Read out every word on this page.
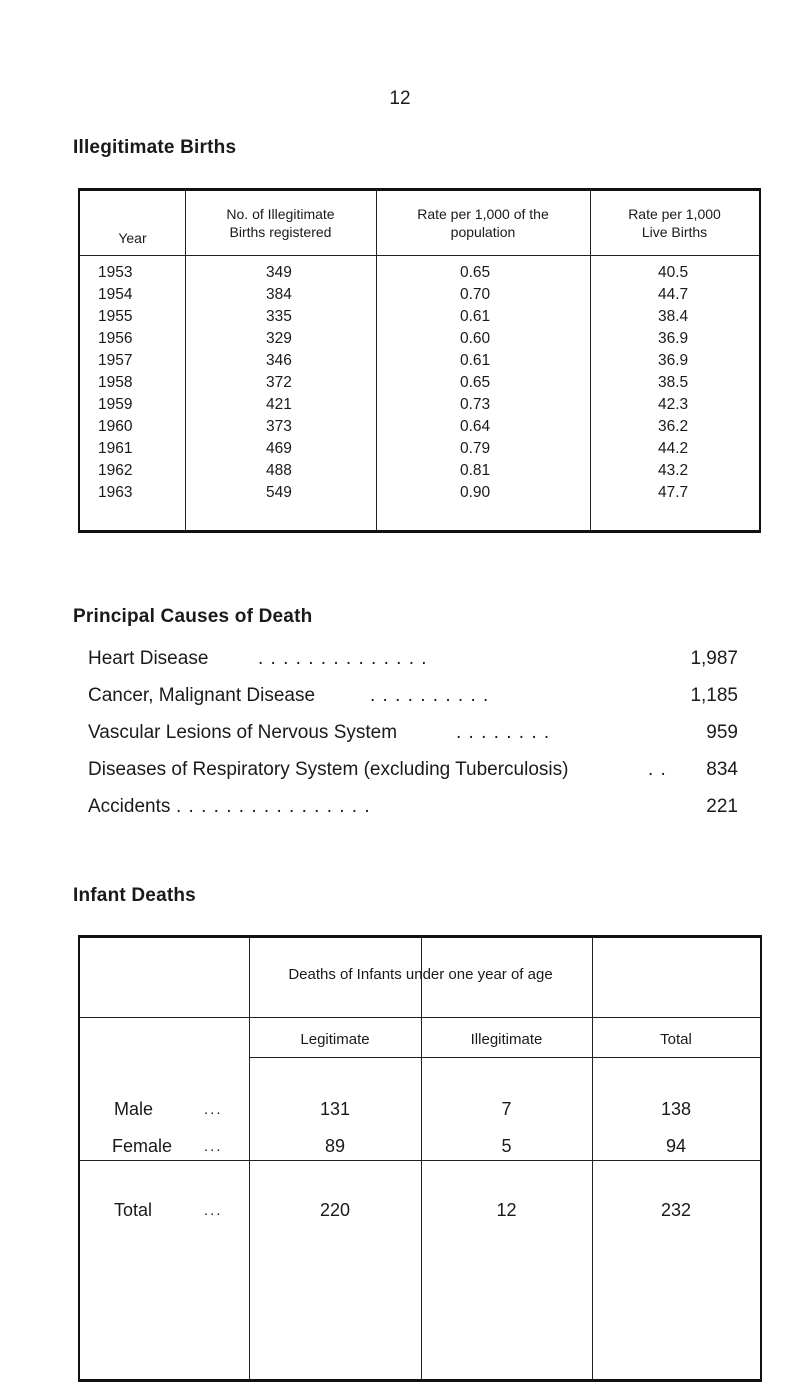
12
Illegitimate Births
Year
No. of Illegitimate
Births registered
Rate per 1,000 of the
population
Rate per 1,000
Live Births
1953	349	0.65	40.5
1954	384	0.70	44.7
1955	335	0.61	38.4
1956	329	0.60	36.9
1957	346	0.61	36.9
1958	372	0.65	38.5
1959	421	0.73	42.3
1960	373	0.64	36.2
1961	469	0.79	44.2
1962	488	0.81	43.2
1963	549	0.90	47.7
Principal Causes of Death
Heart Disease	. . . . . . . . . . . . . .	1,987
Cancer, Malignant Disease	. . . . . . . . . .	1,185
Vascular Lesions of Nervous System	. . . . . . . .	959
Diseases of Respiratory System (excluding Tuberculosis)	. . 834
Accidents . . . . . . . . . . . . . . . .	221
Infant Deaths
Deaths of Infants under one year of age
Legitimate	Illegitimate	Total
Male	...	131	7	138
Female ...	89	5	94
Total	...	220	12	232
